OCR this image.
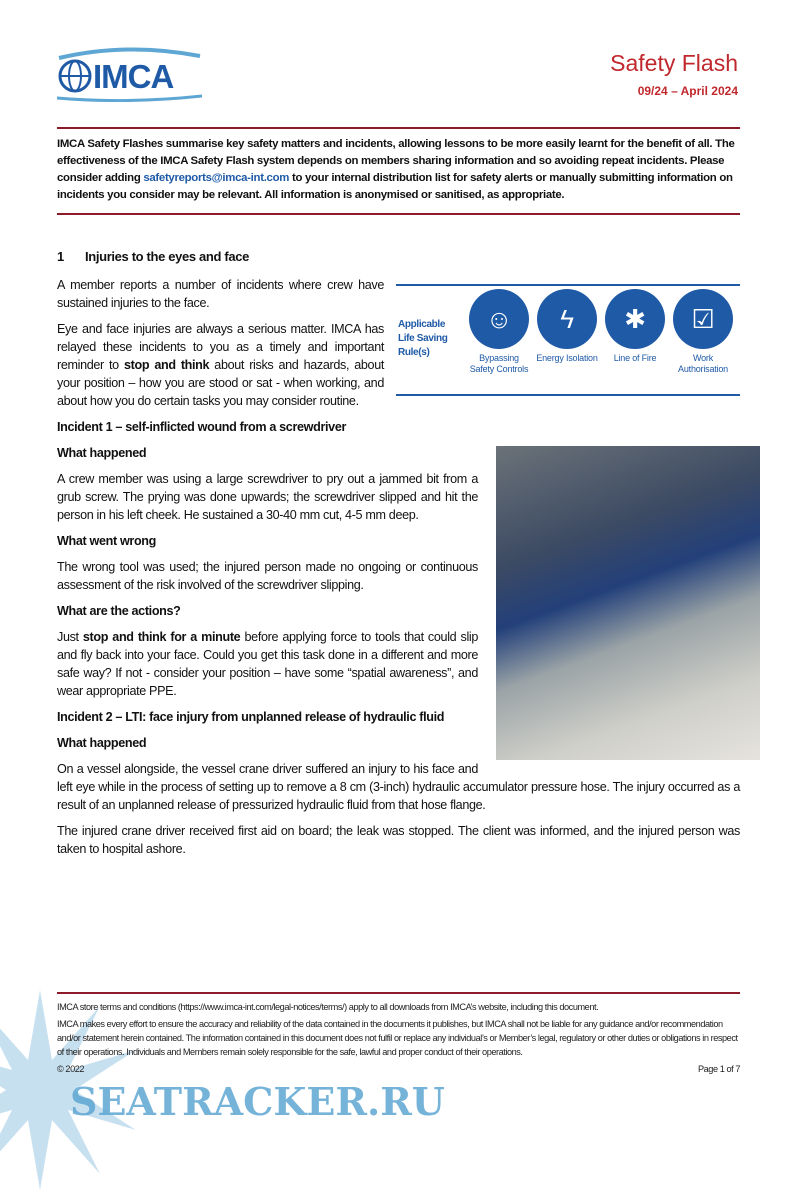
IMCA	Safety Flash
09/24 – April 2024
IMCA Safety Flashes summarise key safety matters and incidents, allowing lessons to be more easily learnt for the benefit of all. The effectiveness of the IMCA Safety Flash system depends on members sharing information and so avoiding repeat incidents. Please consider adding safetyreports@imca-int.com to your internal distribution list for safety alerts or manually submitting information on incidents you consider may be relevant. All information is anonymised or sanitised, as appropriate.

1 Injuries to the eyes and face

Applicable Life Saving Rule(s)
☺
Bypassing Safety Controls
ϟ
Energy Isolation
✱
Line of Fire
☑
Work Authorisation

A member reports a number of incidents where crew have sustained injuries to the face.

Eye and face injuries are always a serious matter. IMCA has relayed these incidents to you as a timely and important reminder to stop and think about risks and hazards, about your position – how you are stood or sat - when working, and about how you do certain tasks you may consider routine.

Incident 1 – self-inflicted wound from a screwdriver

What happened

A crew member was using a large screwdriver to pry out a jammed bit from a grub screw. The prying was done upwards; the screwdriver slipped and hit the person in his left cheek. He sustained a 30-40 mm cut, 4-5 mm deep.

What went wrong

The wrong tool was used; the injured person made no ongoing or continuous assessment of the risk involved of the screwdriver slipping.

What are the actions?

Just stop and think for a minute before applying force to tools that could slip and fly back into your face. Could you get this task done in a different and more safe way? If not - consider your position – have some “spatial awareness”, and wear appropriate PPE.

Incident 2 – LTI: face injury from unplanned release of hydraulic fluid

What happened

On a vessel alongside, the vessel crane driver suffered an injury to his face and left eye while in the process of setting up to remove a 8 cm (3-inch) hydraulic accumulator pressure hose. The injury occurred as a result of an unplanned release of pressurized hydraulic fluid from that hose flange.

The injured crane driver received first aid on board; the leak was stopped. The client was informed, and the injured person was taken to hospital ashore.

IMCA store terms and conditions (https://www.imca-int.com/legal-notices/terms/) apply to all downloads from IMCA’s website, including this document.

IMCA makes every effort to ensure the accuracy and reliability of the data contained in the documents it publishes, but IMCA shall not be liable for any guidance and/or recommendation and/or statement herein contained. The information contained in this document does not fulfil or replace any individual’s or Member’s legal, regulatory or other duties or obligations in respect of their operations. Individuals and Members remain solely responsible for the safe, lawful and proper conduct of their operations.

© 2022	Page 1 of 7
SEATRACKER.RU
